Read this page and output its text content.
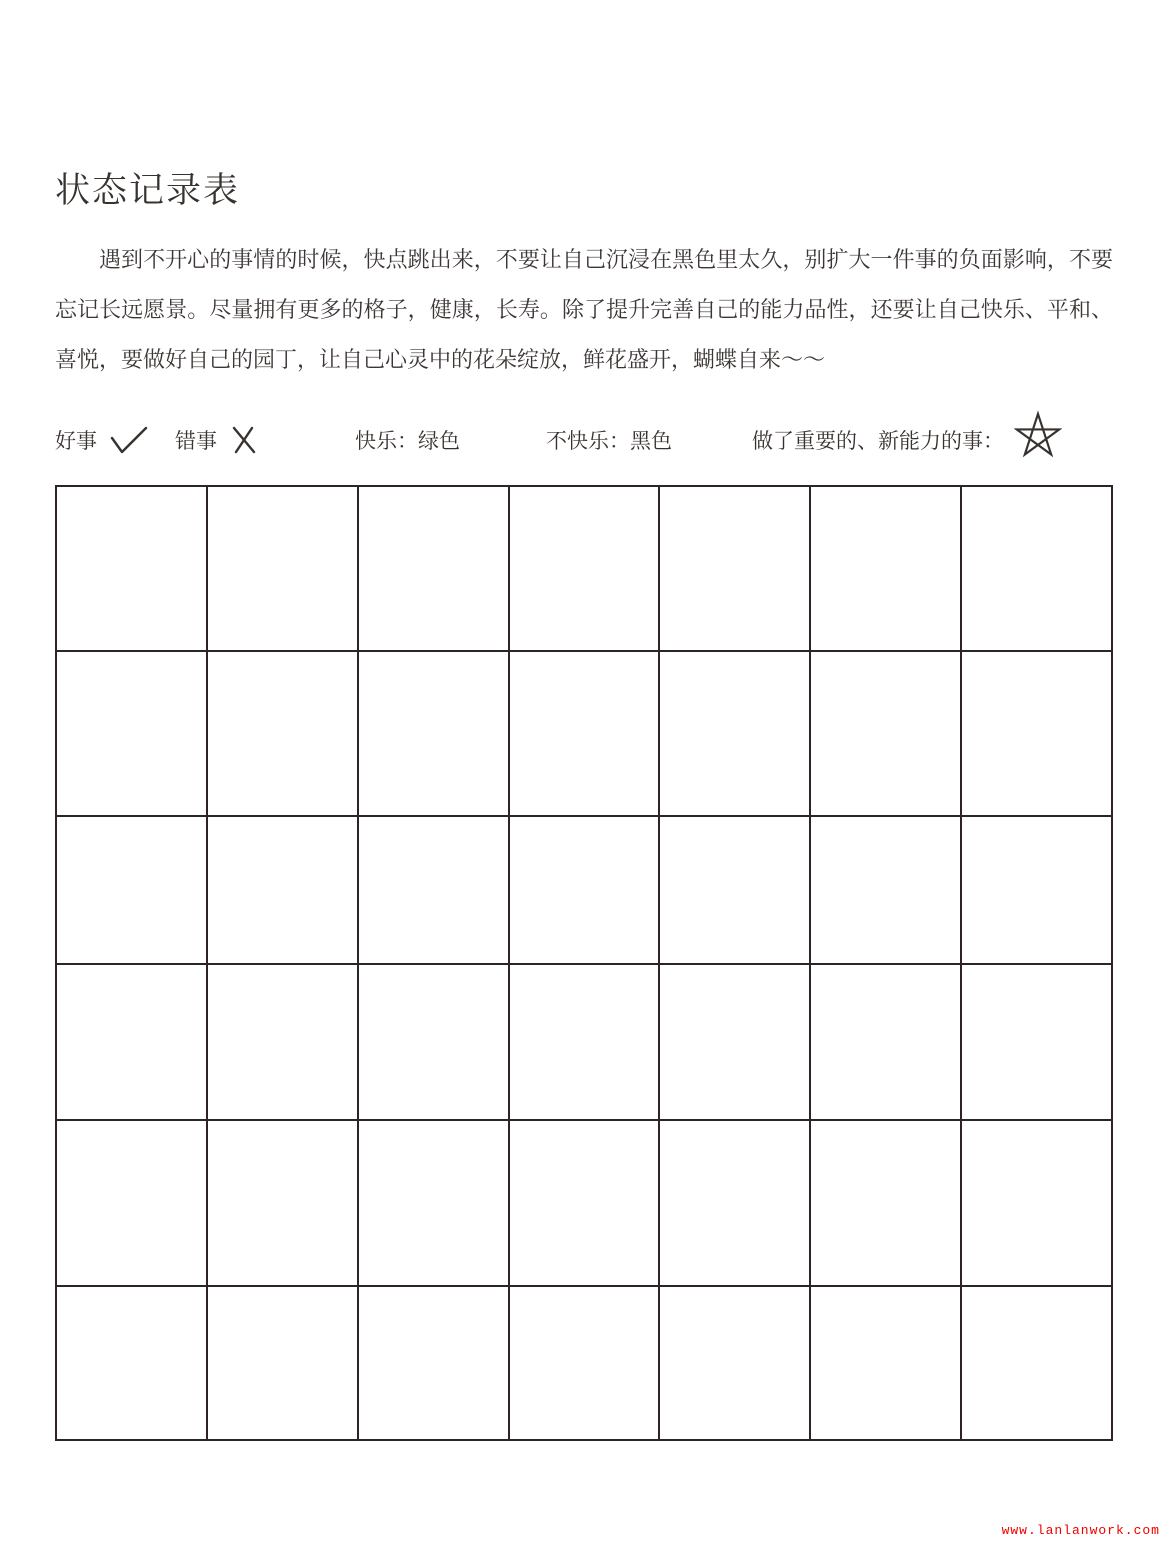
状态记录表

遇到不开心的事情的时候，快点跳出来，不要让自己沉浸在黑色里太久，别扩大一件事的负面影响，不要忘记长远愿景。尽量拥有更多的格子，健康，长寿。除了提升完善自己的能力品性，还要让自己快乐、平和、喜悦，要做好自己的园丁，让自己心灵中的花朵绽放，鲜花盛开，蝴蝶自来～～

好事	错事	快乐：绿色	不快乐：黑色	做了重要的、新能力的事：
www.lanlanwork.com
